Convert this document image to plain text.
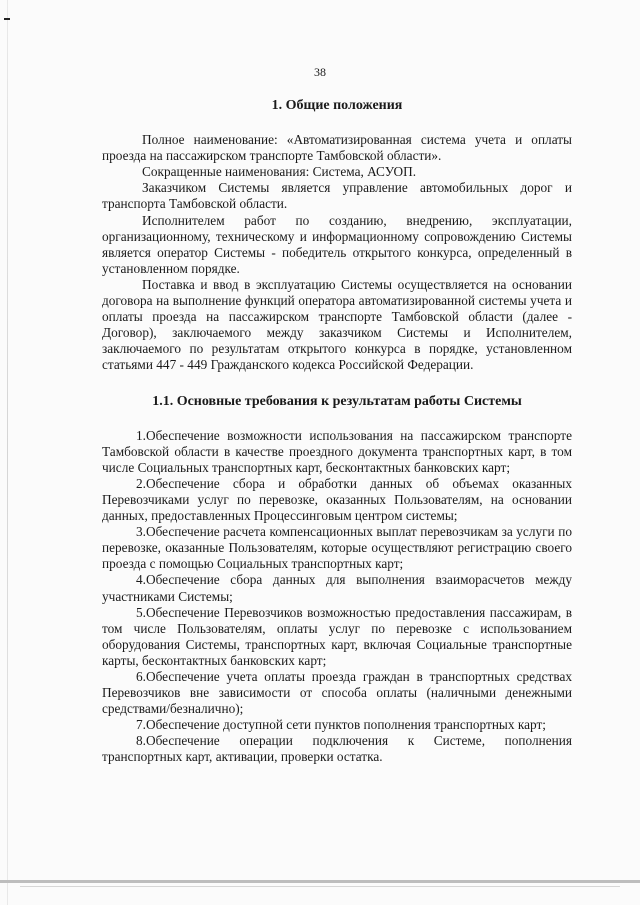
38
1. Общие положения

Полное наименование: «Автоматизированная система учета и оплаты проезда на пассажирском транспорте Тамбовской области».

Сокращенные наименования: Система, АСУОП.

Заказчиком Системы является управление автомобильных дорог и транспорта Тамбовской области.

Исполнителем работ по созданию, внедрению, эксплуатации, организационному, техническому и информационному сопровождению Системы является оператор Системы - победитель открытого конкурса, определенный в установленном порядке.

Поставка и ввод в эксплуатацию Системы осуществляется на основании договора на выполнение функций оператора автоматизированной системы учета и оплаты проезда на пассажирском транспорте Тамбовской области (далее - Договор), заключаемого между заказчиком Системы и Исполнителем, заключаемого по результатам открытого конкурса в порядке, установленном статьями 447 - 449 Гражданского кодекса Российской Федерации.

1.1. Основные требования к результатам работы Системы

1.Обеспечение возможности использования на пассажирском транспорте Тамбовской области в качестве проездного документа транспортных карт, в том числе Социальных транспортных карт, бесконтактных банковских карт;

2.Обеспечение сбора и обработки данных об объемах оказанных Перевозчиками услуг по перевозке, оказанных Пользователям, на основании данных, предоставленных Процессинговым центром системы;

3.Обеспечение расчета компенсационных выплат перевозчикам за услуги по перевозке, оказанные Пользователям, которые осуществляют регистрацию своего проезда с помощью Социальных транспортных карт;

4.Обеспечение сбора данных для выполнения взаиморасчетов между участниками Системы;

5.Обеспечение Перевозчиков возможностью предоставления пассажирам, в том числе Пользователям, оплаты услуг по перевозке с использованием оборудования Системы, транспортных карт, включая Социальные транспортные карты, бесконтактных банковских карт;

6.Обеспечение учета оплаты проезда граждан в транспортных средствах Перевозчиков вне зависимости от способа оплаты (наличными денежными средствами/безналично);

7.Обеспечение доступной сети пунктов пополнения транспортных карт;

8.Обеспечение операции подключения к Системе, пополнения транспортных карт, активации, проверки остатка.
